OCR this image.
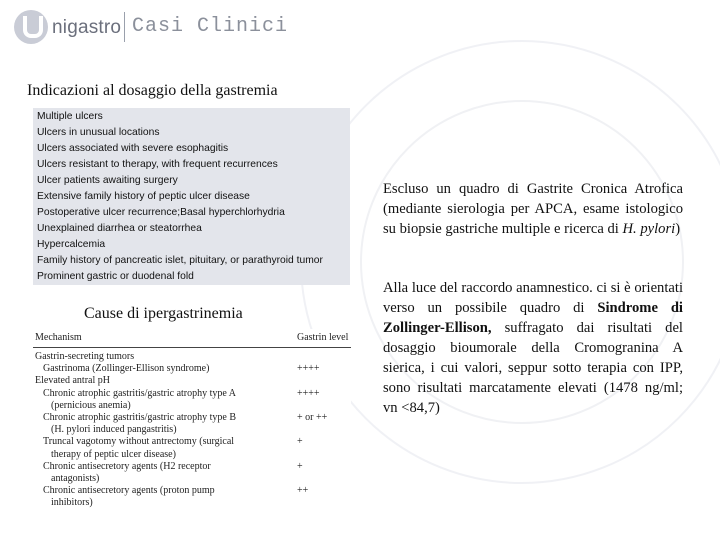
nigastro Casi Clinici
Indicazioni al dosaggio della gastremia
Multiple ulcers
Ulcers in unusual locations
Ulcers associated with severe esophagitis
Ulcers resistant to therapy, with frequent recurrences
Ulcer patients awaiting surgery
Extensive family history of peptic ulcer disease
Postoperative ulcer recurrence;Basal hyperchlorhydria
Unexplained diarrhea or steatorrhea
Hypercalcemia
Family history of pancreatic islet, pituitary, or parathyroid tumor
Prominent gastric or duodenal fold
Cause di ipergastrinemia
Mechanism	Gastrin level
Gastrin-secreting tumors
Gastrinoma (Zollinger-Ellison syndrome)	++++
Elevated antral pH
Chronic atrophic gastritis/gastric atrophy type A	++++
(pernicious anemia)
Chronic atrophic gastritis/gastric atrophy type B	+ or ++
(H. pylori induced pangastritis)
Truncal vagotomy without antrectomy (surgical	+
therapy of peptic ulcer disease)
Chronic antisecretory agents (H2 receptor	+
antagonists)
Chronic antisecretory agents (proton pump	++
inhibitors)
Escluso un quadro di Gastrite Cronica Atrofica (mediante sierologia per APCA, esame istologico su biopsie gastriche multiple e ricerca di H. pylori)
Alla luce del raccordo anamnestico. ci si è orientati verso un possibile quadro di Sindrome di Zollinger-Ellison, suffragato dai risultati del dosaggio bioumorale della Cromogranina A sierica, i cui valori, seppur sotto terapia con IPP, sono risultati marcatamente elevati (1478 ng/ml; vn <84,7)
